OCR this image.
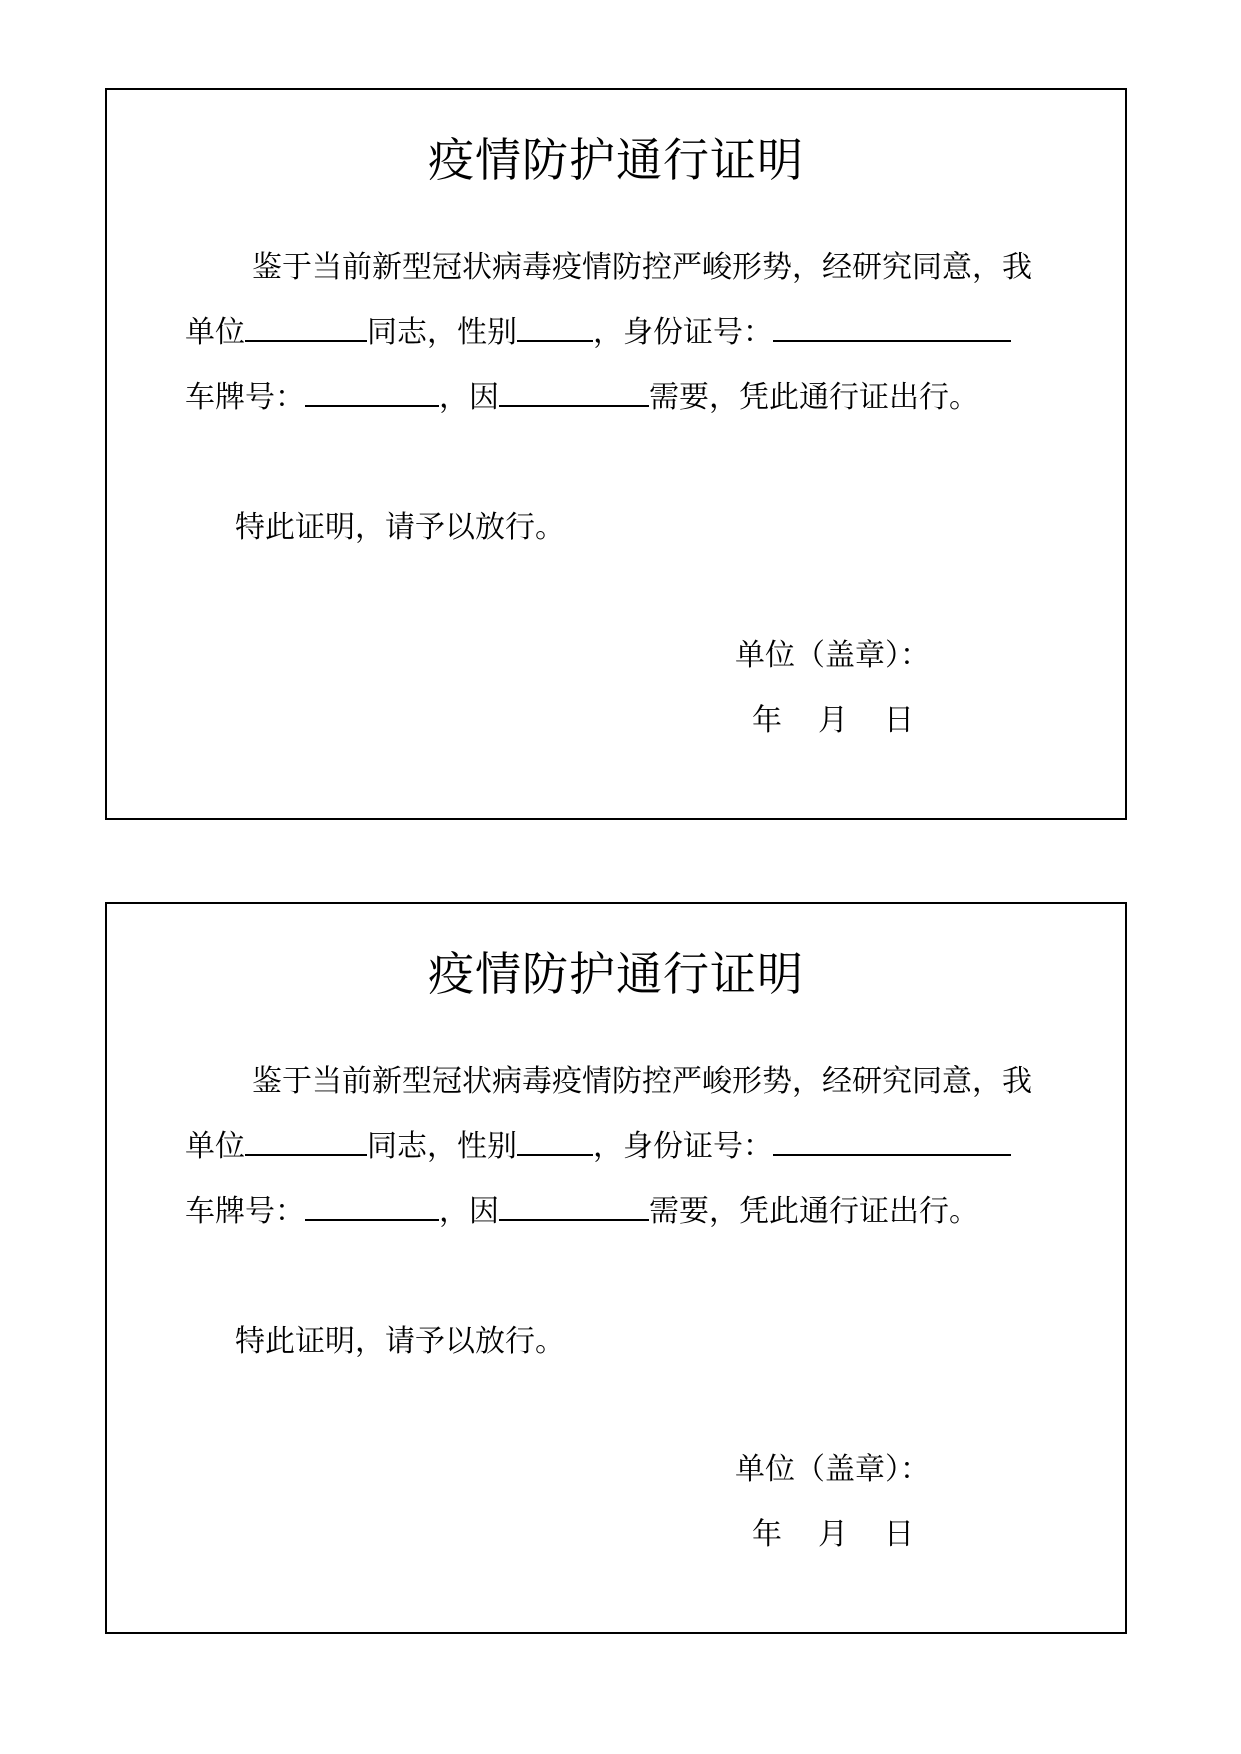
疫情防护通行证明
鉴于当前新型冠状病毒疫情防控严峻形势，经研究同意，我
单位	同志，性别	，身份证号：
车牌号：	，因	需要，凭此通行证出行。
特此证明，请予以放行。
单位（盖章）：
年 月 日
疫情防护通行证明
鉴于当前新型冠状病毒疫情防控严峻形势，经研究同意，我
单位	同志，性别	，身份证号：
车牌号：	，因	需要，凭此通行证出行。
特此证明，请予以放行。
单位（盖章）：
年 月 日
